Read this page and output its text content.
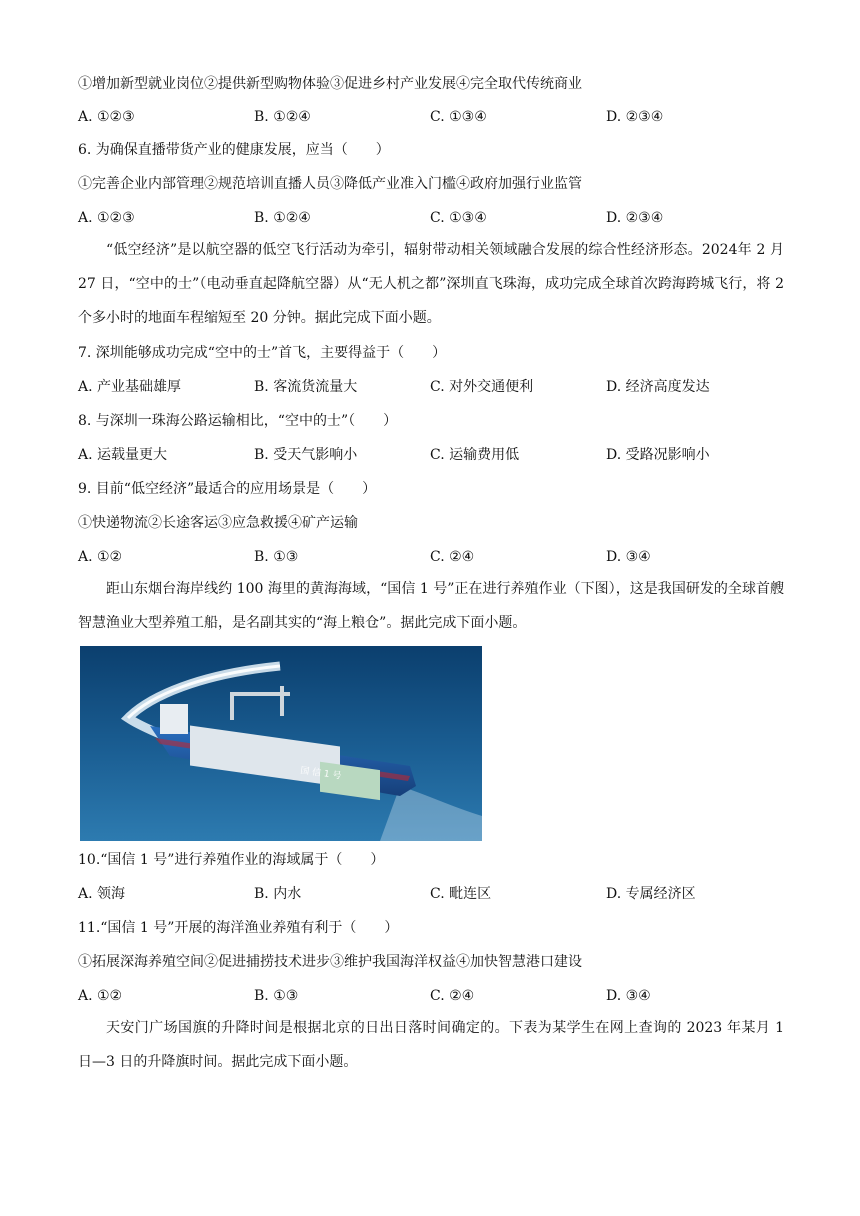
①增加新型就业岗位②提供新型购物体验③促进乡村产业发展④完全取代传统商业
A. ①②③	B. ①②④	C. ①③④	D. ②③④
6. 为确保直播带货产业的健康发展，应当（　　）
①完善企业内部管理②规范培训直播人员③降低产业准入门槛④政府加强行业监管
A. ①②③	B. ①②④	C. ①③④	D. ②③④
“低空经济”是以航空器的低空飞行活动为牵引，辐射带动相关领域融合发展的综合性经济形态。2024年 2 月 27 日，“空中的士”（电动垂直起降航空器）从“无人机之都”深圳直飞珠海，成功完成全球首次跨海跨城飞行，将 2 个多小时的地面车程缩短至 20 分钟。据此完成下面小题。
7. 深圳能够成功完成“空中的士”首飞，主要得益于（　　）
A. 产业基础雄厚	B. 客流货流量大	C. 对外交通便利	D. 经济高度发达
8. 与深圳一珠海公路运输相比，“空中的士”（　　）
A. 运载量更大	B. 受天气影响小	C. 运输费用低	D. 受路况影响小
9. 目前“低空经济”最适合的应用场景是（　　）
①快递物流②长途客运③应急救援④矿产运输
A. ①②	B. ①③	C. ②④	D. ③④
距山东烟台海岸线约 100 海里的黄海海域，“国信 1 号”正在进行养殖作业（下图），这是我国研发的全球首艘智慧渔业大型养殖工船，是名副其实的“海上粮仓”。据此完成下面小题。
国 信 1 号
10.“国信 1 号”进行养殖作业的海域属于（　　）
A. 领海	B. 内水	C. 毗连区	D. 专属经济区
11.“国信 1 号”开展的海洋渔业养殖有利于（　　）
①拓展深海养殖空间②促进捕捞技术进步③维护我国海洋权益④加快智慧港口建设
A. ①②	B. ①③	C. ②④	D. ③④
天安门广场国旗的升降时间是根据北京的日出日落时间确定的。下表为某学生在网上查询的 2023 年某月 1 日—3 日的升降旗时间。据此完成下面小题。
